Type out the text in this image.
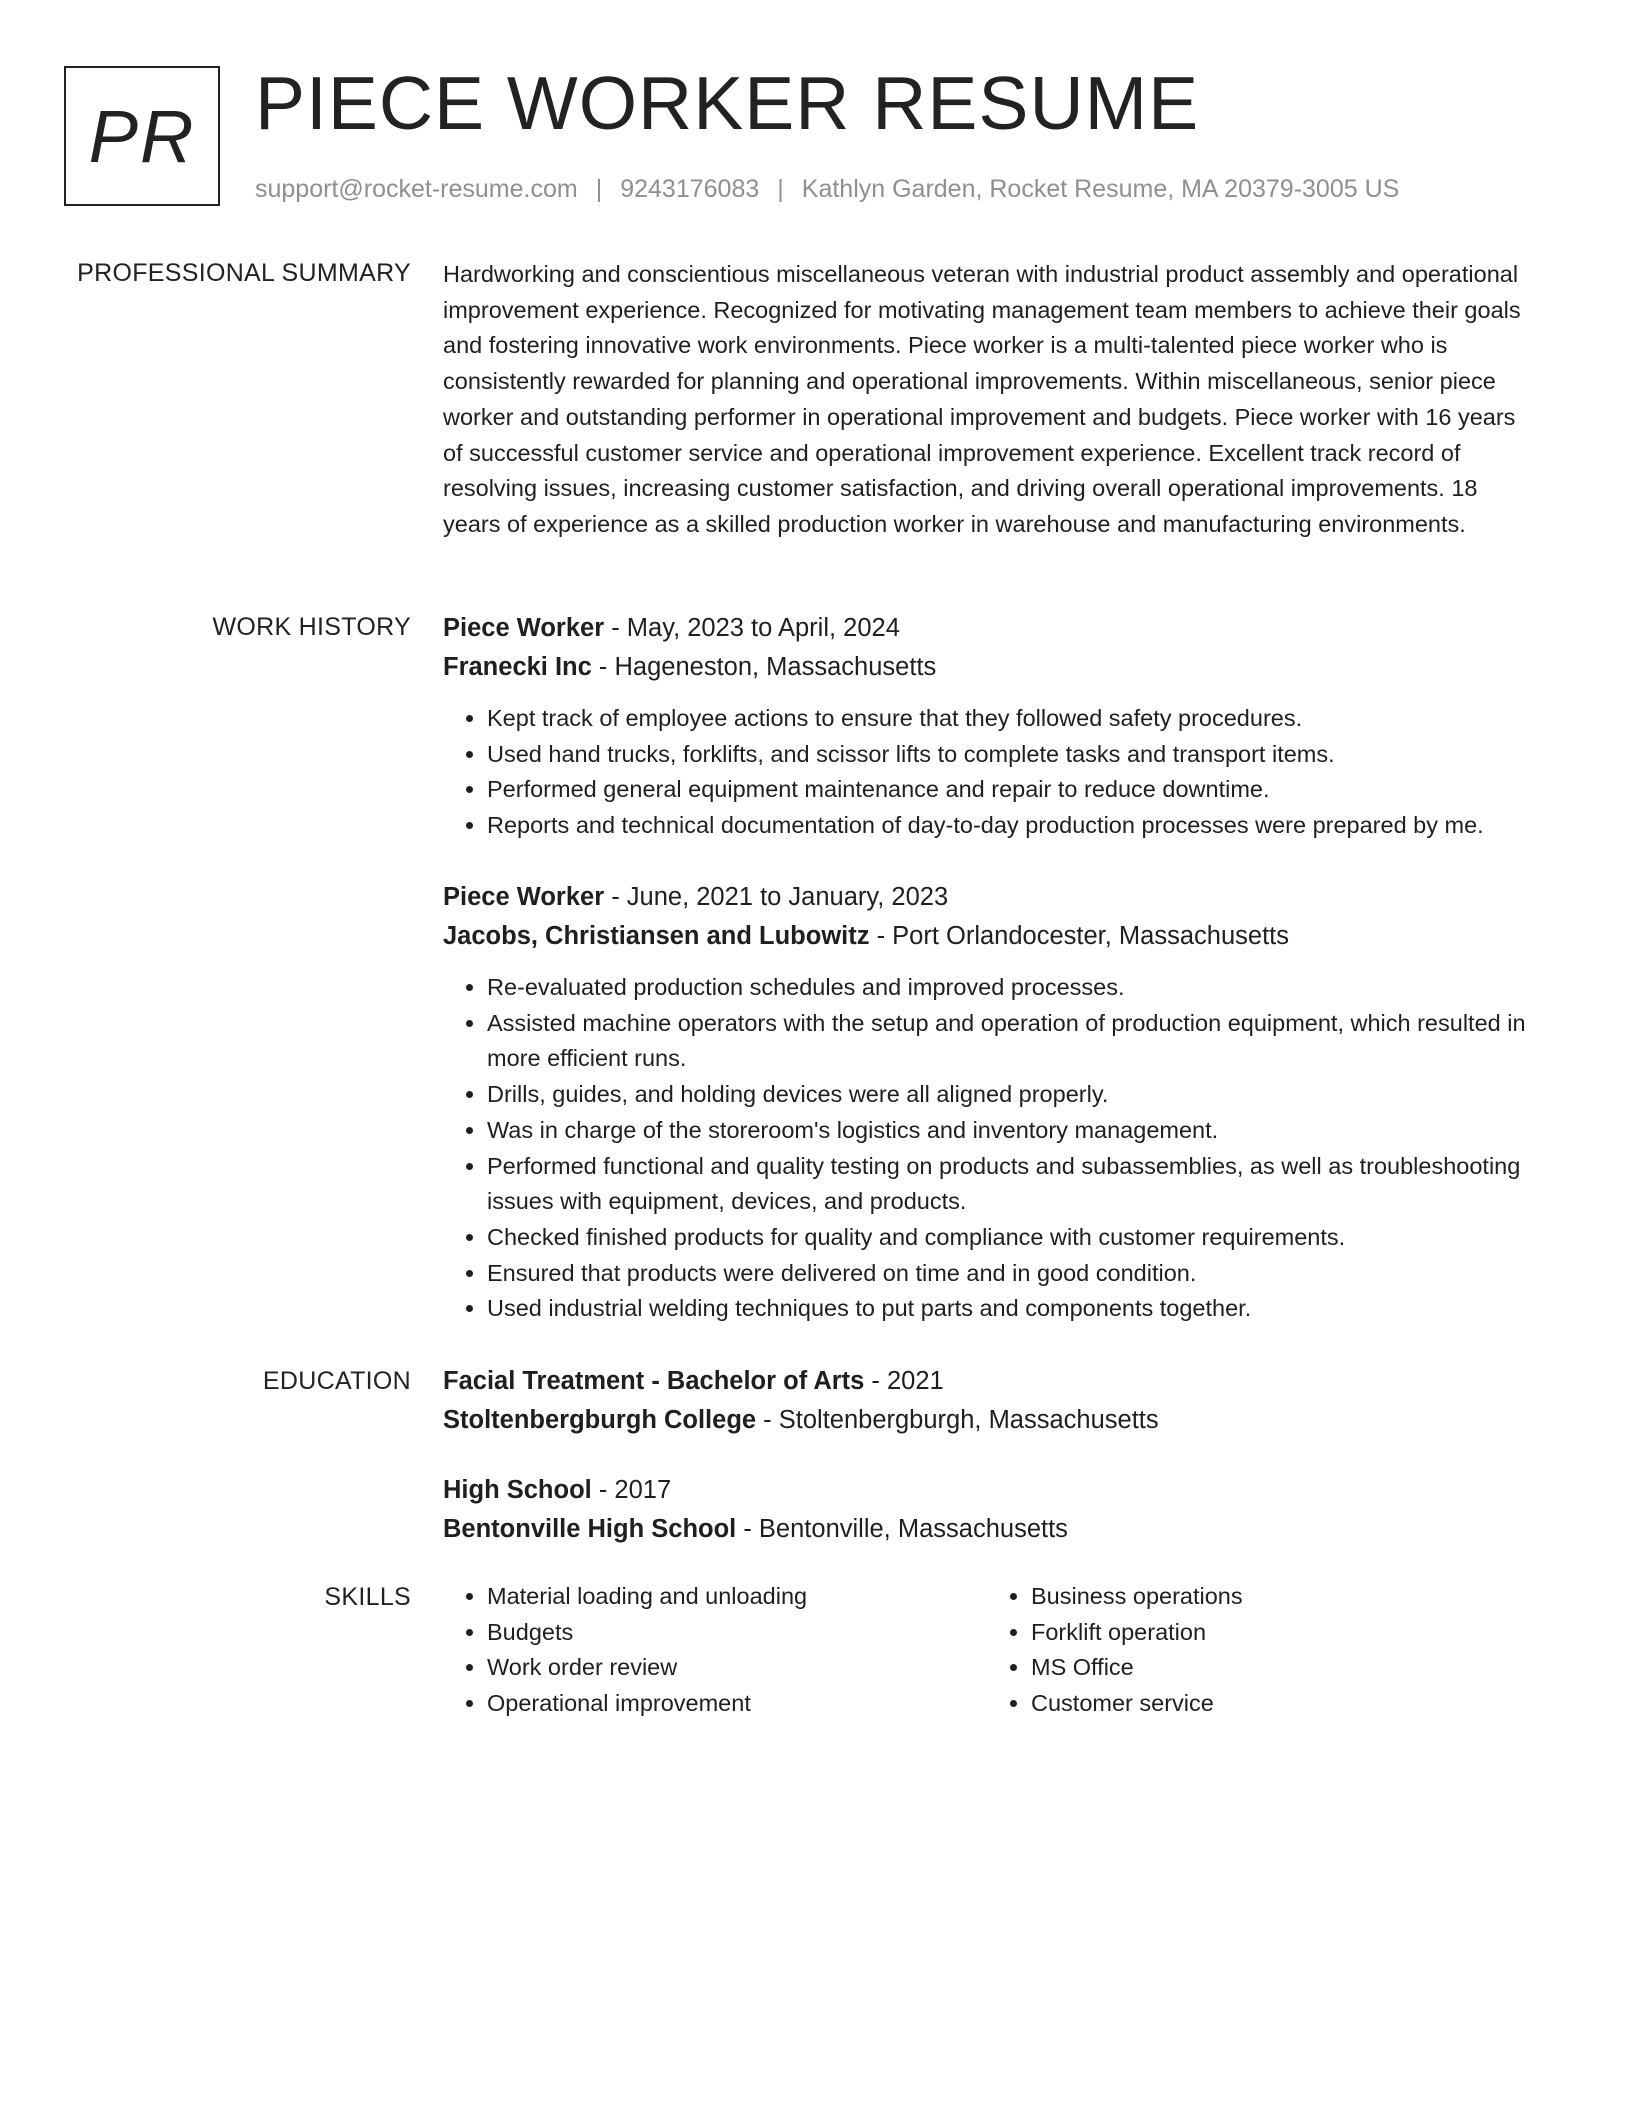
PR PIECE WORKER RESUME
support@rocket-resume.com | 9243176083 | Kathlyn Garden, Rocket Resume, MA 20379-3005 US
PROFESSIONAL SUMMARY Hardworking and conscientious miscellaneous veteran with industrial product assembly and operational improvement experience. Recognized for motivating management team members to achieve their goals and fostering innovative work environments. Piece worker is a multi-talented piece worker who is consistently rewarded for planning and operational improvements. Within miscellaneous, senior piece worker and outstanding performer in operational improvement and budgets. Piece worker with 16 years of successful customer service and operational improvement experience. Excellent track record of resolving issues, increasing customer satisfaction, and driving overall operational improvements. 18 years of experience as a skilled production worker in warehouse and manufacturing environments.

WORK HISTORY Piece Worker - May, 2023 to April, 2024

Franecki Inc - Hageneston, Massachusetts

• Kept track of employee actions to ensure that they followed safety procedures.
• Used hand trucks, forklifts, and scissor lifts to complete tasks and transport items.
• Performed general equipment maintenance and repair to reduce downtime.
• Reports and technical documentation of day-to-day production processes were prepared by me.

Piece Worker - June, 2021 to January, 2023

Jacobs, Christiansen and Lubowitz - Port Orlandocester, Massachusetts

• Re-evaluated production schedules and improved processes.
• Assisted machine operators with the setup and operation of production equipment, which resulted in more efficient runs.
• Drills, guides, and holding devices were all aligned properly.
• Was in charge of the storeroom's logistics and inventory management.
• Performed functional and quality testing on products and subassemblies, as well as troubleshooting issues with equipment, devices, and products.
• Checked finished products for quality and compliance with customer requirements.
• Ensured that products were delivered on time and in good condition.
• Used industrial welding techniques to put parts and components together.
EDUCATION Facial Treatment - Bachelor of Arts - 2021

Stoltenbergburgh College - Stoltenbergburgh, Massachusetts

High School - 2017

Bentonville High School - Bentonville, Massachusetts

SKILLS
•	Material loading and unloading
• Budgets
• Work order review
• Operational improvement
• Business operations
• Forklift operation
• MS Office
• Customer service
